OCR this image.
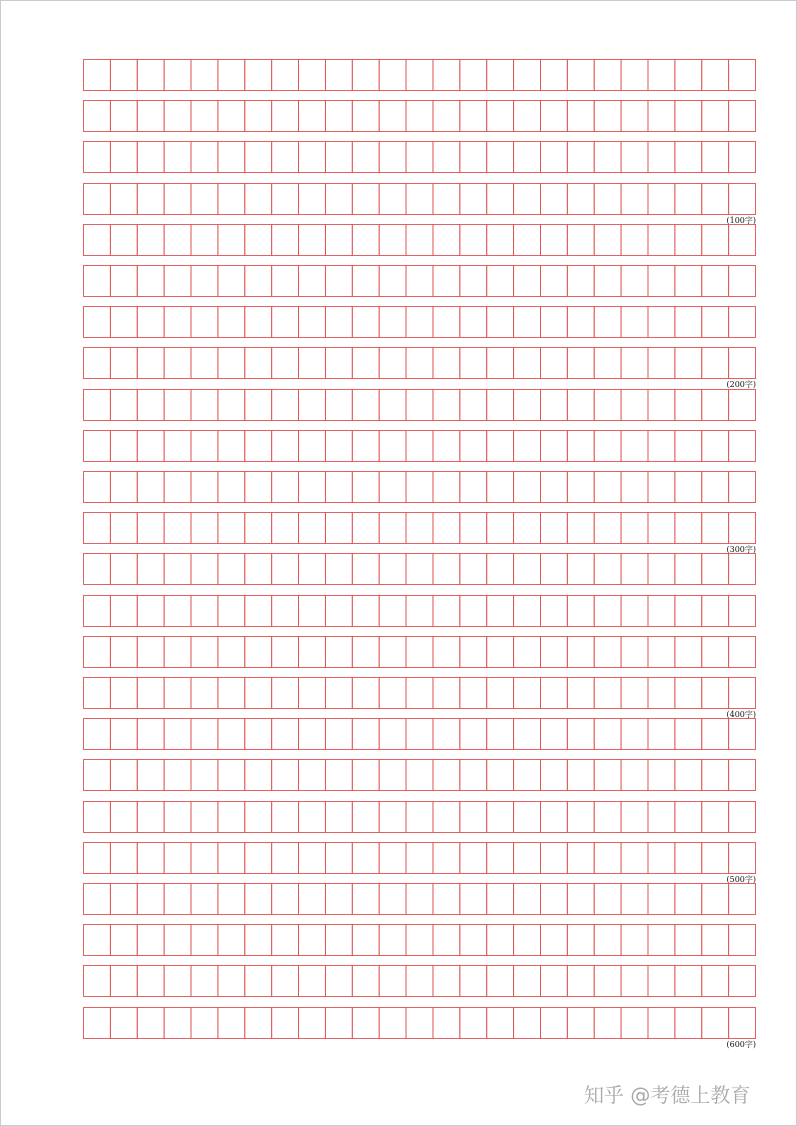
(100字)
(200字)
(300字)
(400字)
(500字)
(600字)
知乎 @考德上教育
